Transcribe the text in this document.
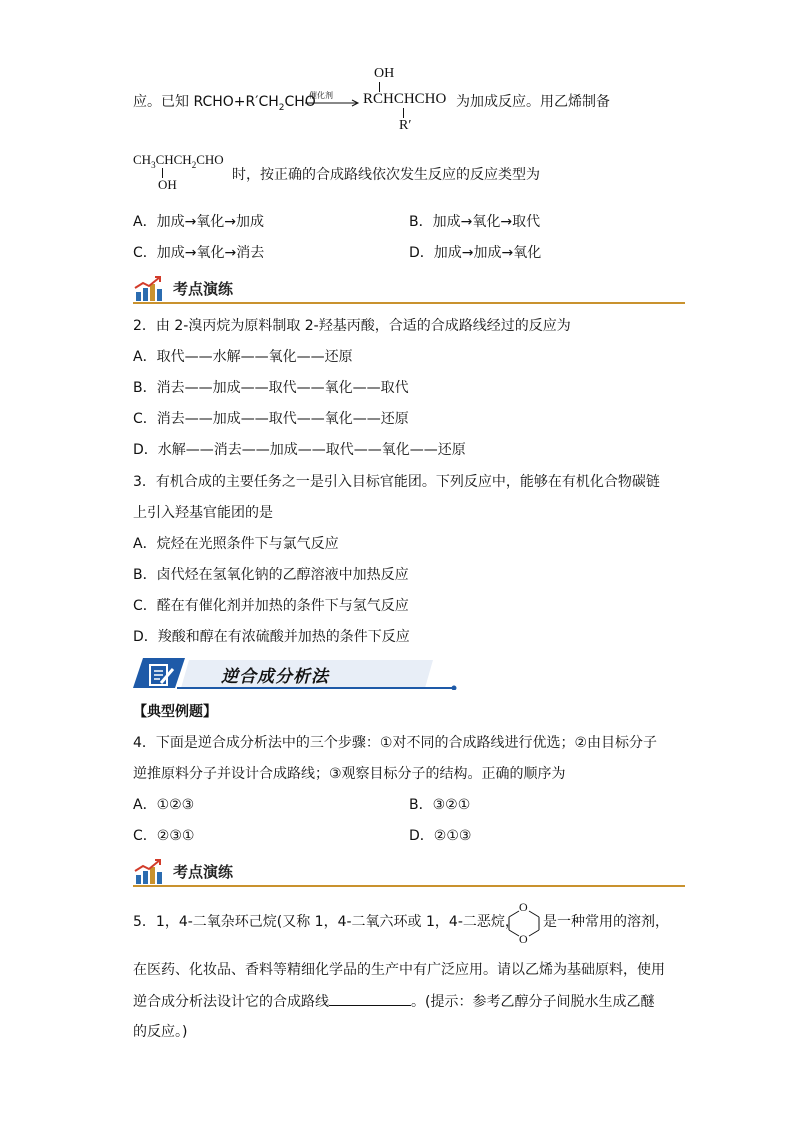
OH
应。已知 $RCHO+R'CH_2CHO$
催化剂 RCHCHCHO 为加成反应。用乙烯制备
R′
$CH_3CHCH_2CHO$
OH
时，按正确的合成路线依次发生反应的反应类型为
A．加成→氧化→加成	B．加成→氧化→取代
C．加成→氧化→消去	D．加成→加成→氧化
考点演练
2．由 2-溴丙烷为原料制取 2-羟基丙酸，合适的合成路线经过的反应为
A．取代——水解——氧化——还原
B．消去——加成——取代——氧化——取代
C．消去——加成——取代——氧化——还原
D．水解——消去——加成——取代——氧化——还原
3．有机合成的主要任务之一是引入目标官能团。下列反应中，能够在有机化合物碳链
上引入羟基官能团的是
A．烷烃在光照条件下与氯气反应
B．卤代烃在氢氧化钠的乙醇溶液中加热反应
C．醛在有催化剂并加热的条件下与氢气反应
D．羧酸和醇在有浓硫酸并加热的条件下反应
逆合成分析法
【典型例题】
4．下面是逆合成分析法中的三个步骤：①对不同的合成路线进行优选；②由目标分子
逆推原料分子并设计合成路线；③观察目标分子的结构。正确的顺序为
A．①②③	B．③②①
C．②③①	D．②①③
考点演练
5．1，4-二氧杂环己烷(又称 1，4-二氧六环或 1，4-二恶烷，
O
O
是一种常用的溶剂，
在医药、化妆品、香料等精细化学品的生产中有广泛应用。请以乙烯为基础原料，使用
逆合成分析法设计它的合成路线	。(提示：参考乙醇分子间脱水生成乙醚
的反应。)
